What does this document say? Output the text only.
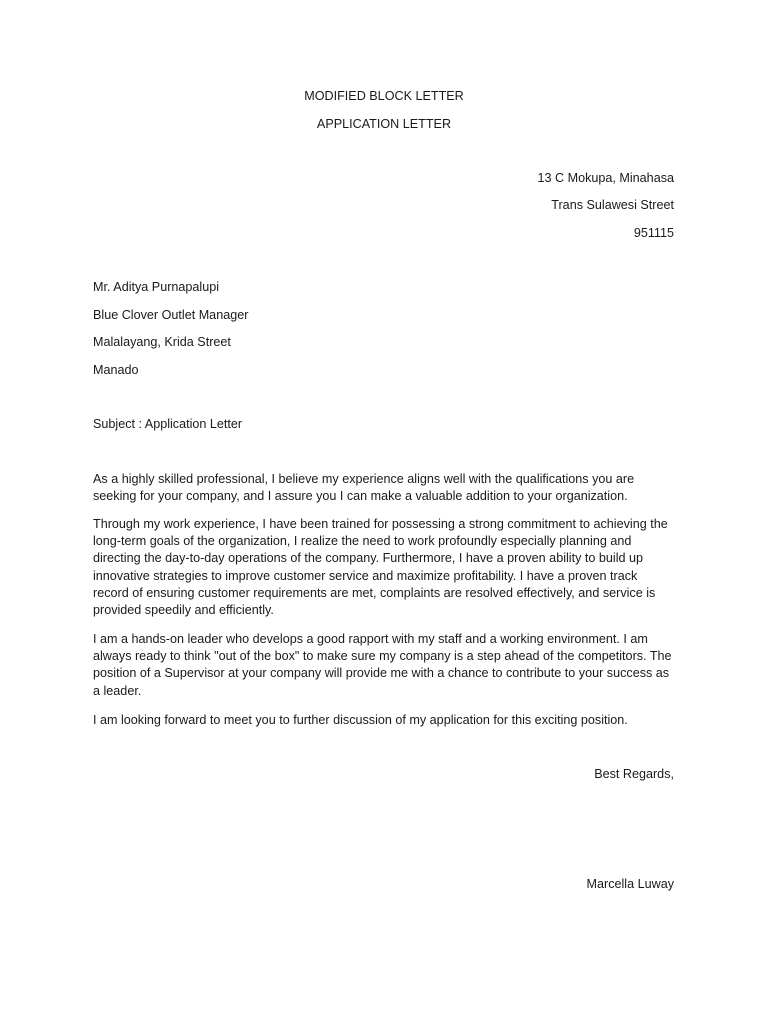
MODIFIED BLOCK LETTER
APPLICATION LETTER
13 C Mokupa, Minahasa
Trans Sulawesi Street
951115
Mr. Aditya Purnapalupi
Blue Clover Outlet Manager
Malalayang, Krida Street
Manado
Subject : Application Letter
As a highly skilled professional, I believe my experience aligns well with the qualifications you are seeking for your company, and I assure you I can make a valuable addition to your organization.
Through my work experience, I have been trained for possessing a strong commitment to achieving the long-term goals of the organization, I realize the need to work profoundly especially planning and directing the day-to-day operations of the company. Furthermore, I have a proven ability to build up innovative strategies to improve customer service and maximize profitability. I have a proven track record of ensuring customer requirements are met, complaints are resolved effectively, and service is provided speedily and efficiently.
I am a hands-on leader who develops a good rapport with my staff and a working environment. I am always ready to think "out of the box" to make sure my company is a step ahead of the competitors. The position of a Supervisor at your company will provide me with a chance to contribute to your success as a leader.
I am looking forward to meet you to further discussion of my application for this exciting position.
Best Regards,
Marcella Luway
